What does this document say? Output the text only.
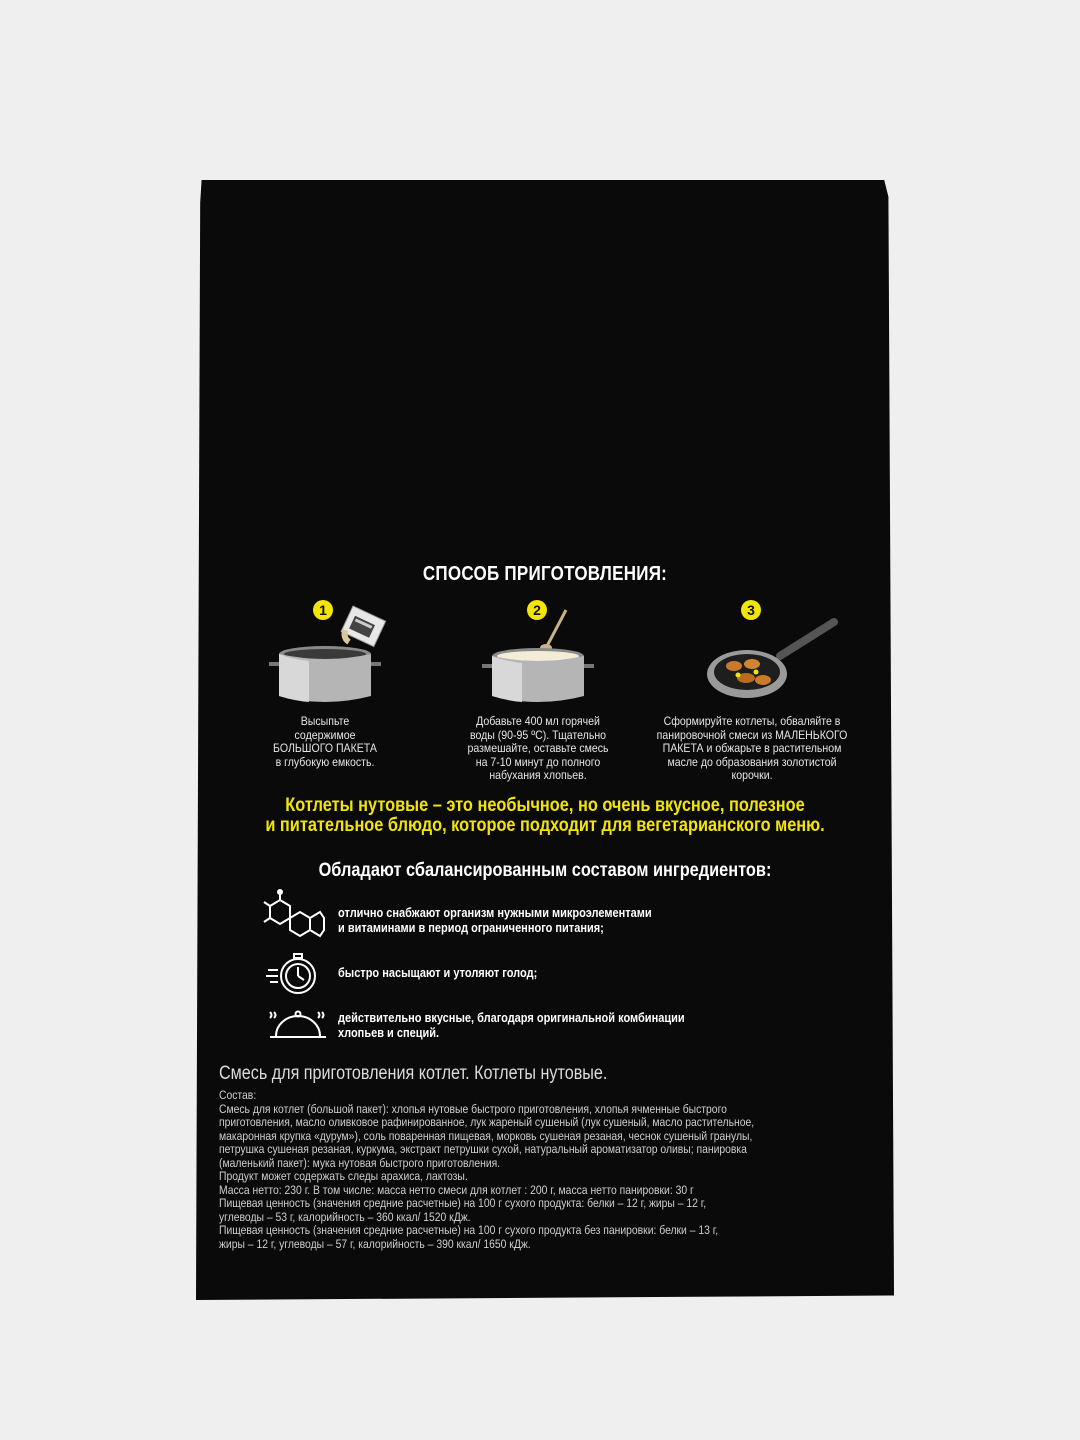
СПОСОБ ПРИГОТОВЛЕНИЯ:
1
Высыпьте
содержимое
БОЛЬШОГО ПАКЕТА
в глубокую емкость.
2
Добавьте 400 мл горячей
воды (90-95 ºС). Тщательно
размешайте, оставьте смесь
на 7-10 минут до полного
набухания хлопьев.
3
Сформируйте котлеты, обваляйте в
панировочной смеси из МАЛЕНЬКОГО
ПАКЕТА и обжарьте в растительном
масле до образования золотистой
корочки.
Котлеты нутовые – это необычное, но очень вкусное, полезное
и питательное блюдо, которое подходит для вегетарианского меню.
Обладают сбалансированным составом ингредиентов:
отлично снабжают организм нужными микроэлементами
и витаминами в период ограниченного питания;
быстро насыщают и утоляют голод;
действительно вкусные, благодаря оригинальной комбинации
хлопьев и специй.
Смесь для приготовления котлет. Котлеты нутовые.
Состав:
Смесь для котлет (большой пакет): хлопья нутовые быстрого приготовления, хлопья ячменные быстрого
приготовления, масло оливковое рафинированное, лук жареный сушеный (лук сушеный, масло растительное,
макаронная крупка «дурум»), соль поваренная пищевая, морковь сушеная резаная, чеснок сушеный гранулы,
петрушка сушеная резаная, куркума, экстракт петрушки сухой, натуральный ароматизатор оливы; панировка
(маленький пакет): мука нутовая быстрого приготовления.
Продукт может содержать следы арахиса, лактозы.
Масса нетто: 230 г. В том числе: масса нетто смеси для котлет : 200 г, масса нетто панировки: 30 г
Пищевая ценность (значения средние расчетные) на 100 г сухого продукта: белки – 12 г, жиры – 12 г,
углеводы – 53 г, калорийность – 360 ккал/ 1520 кДж.
Пищевая ценность (значения средние расчетные) на 100 г сухого продукта без панировки: белки – 13 г,
жиры – 12 г, углеводы – 57 г, калорийность – 390 ккал/ 1650 кДж.
